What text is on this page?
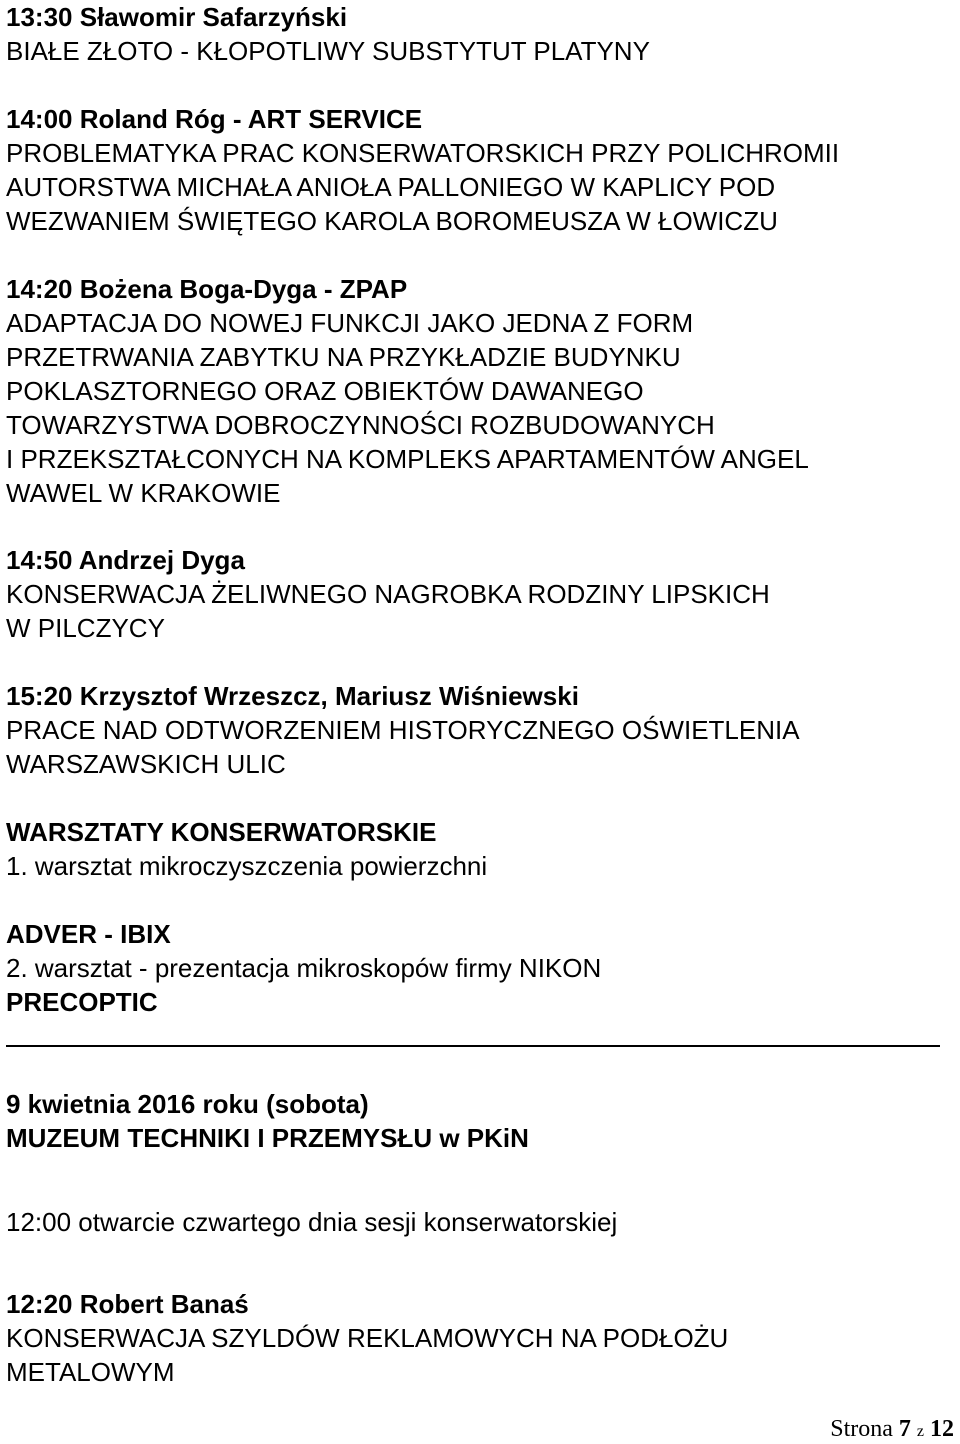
13:30 Sławomir Safarzyński
BIAŁE ZŁOTO - KŁOPOTLIWY SUBSTYTUT PLATYNY
14:00 Roland Róg - ART SERVICE
PROBLEMATYKA PRAC KONSERWATORSKICH PRZY POLICHROMII
AUTORSTWA MICHAŁA ANIOŁA PALLONIEGO W KAPLICY POD
WEZWANIEM ŚWIĘTEGO KAROLA BOROMEUSZA W ŁOWICZU
14:20 Bożena Boga-Dyga - ZPAP
ADAPTACJA DO NOWEJ FUNKCJI JAKO JEDNA Z FORM
PRZETRWANIA ZABYTKU NA PRZYKŁADZIE BUDYNKU
POKLASZTORNEGO ORAZ OBIEKTÓW DAWANEGO
TOWARZYSTWA DOBROCZYNNOŚCI ROZBUDOWANYCH
I PRZEKSZTAŁCONYCH NA KOMPLEKS APARTAMENTÓW ANGEL
WAWEL W KRAKOWIE
14:50 Andrzej Dyga
KONSERWACJA ŻELIWNEGO NAGROBKA RODZINY LIPSKICH
W PILCZYCY
15:20 Krzysztof Wrzeszcz, Mariusz Wiśniewski
PRACE NAD ODTWORZENIEM HISTORYCZNEGO OŚWIETLENIA
WARSZAWSKICH ULIC
WARSZTATY KONSERWATORSKIE
1. warsztat mikroczyszczenia powierzchni
ADVER - IBIX
2. warsztat - prezentacja mikroskopów firmy NIKON
PRECOPTIC
9 kwietnia 2016 roku (sobota)
MUZEUM TECHNIKI I PRZEMYSŁU w PKiN
12:00 otwarcie czwartego dnia sesji konserwatorskiej
12:20 Robert Banaś
KONSERWACJA SZYLDÓW REKLAMOWYCH NA PODŁOŻU
METALOWYM
Strona 7 z 12
